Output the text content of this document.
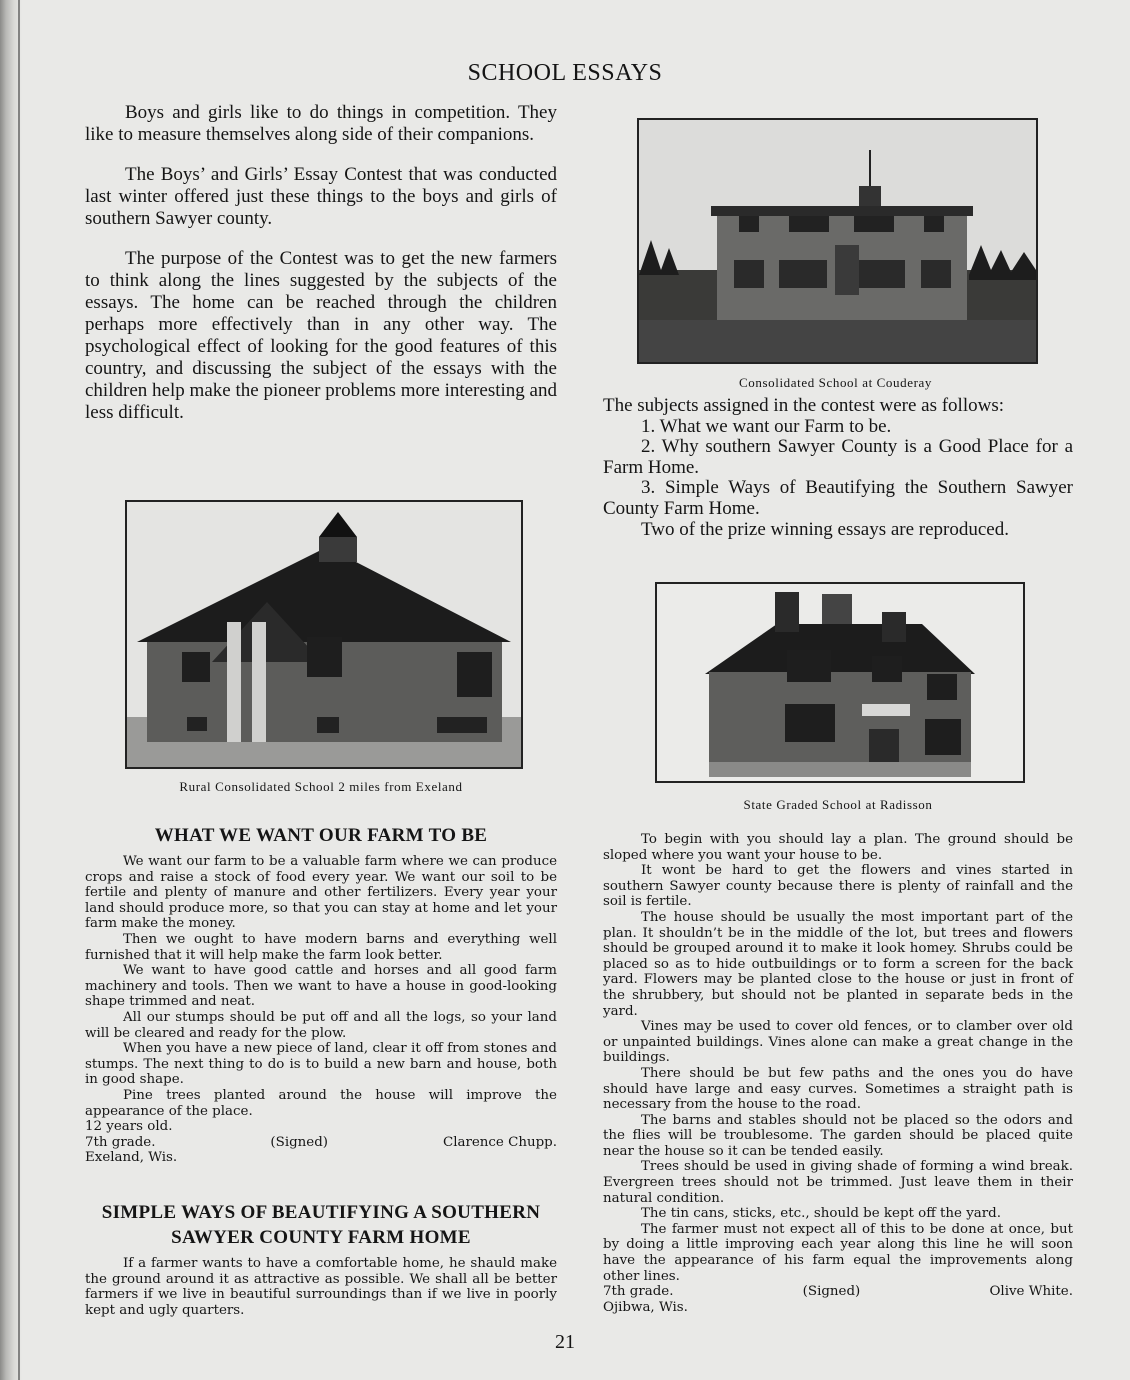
SCHOOL ESSAYS

Boys and girls like to do things in competition. They like to measure themselves along side of their companions.

The Boys’ and Girls’ Essay Contest that was conducted last winter offered just these things to the boys and girls of southern Sawyer county.

The purpose of the Contest was to get the new farmers to think along the lines suggested by the subjects of the essays. The home can be reached through the children perhaps more effectively than in any other way. The psychological effect of looking for the good features of this country, and discussing the subject of the essays with the children help make the pioneer problems more interesting and less difficult.

Consolidated School at Couderay
The subjects assigned in the contest were as follows:
1. What we want our Farm to be.
2. Why southern Sawyer County is a Good Place for a Farm Home.
3. Simple Ways of Beautifying the Southern Sawyer County Farm Home.
Two of the prize winning essays are reproduced.
Rural Consolidated School 2 miles from Exeland
State Graded School at Radisson
WHAT WE WANT OUR FARM TO BE

We want our farm to be a valuable farm where we can produce crops and raise a stock of food every year. We want our soil to be fertile and plenty of manure and other fertilizers. Every year your land should produce more, so that you can stay at home and let your farm make the money.

Then we ought to have modern barns and everything well furnished that it will help make the farm look better.

We want to have good cattle and horses and all good farm machinery and tools. Then we want to have a house in good-looking shape trimmed and neat.

All our stumps should be put off and all the logs, so your land will be cleared and ready for the plow.

When you have a new piece of land, clear it off from stones and stumps. The next thing to do is to build a new barn and house, both in good shape.

Pine trees planted around the house will improve the appearance of the place.

12 years old.
7th grade.	(Signed)	Clarence Chupp.
Exeland, Wis.
SIMPLE WAYS OF BEAUTIFYING A SOUTHERN SAWYER COUNTY FARM HOME

If a farmer wants to have a comfortable home, he shauld make the ground around it as attractive as possible. We shall all be better farmers if we live in beautiful surroundings than if we live in poorly kept and ugly quarters.

To begin with you should lay a plan. The ground should be sloped where you want your house to be.

It wont be hard to get the flowers and vines started in southern Sawyer county because there is plenty of rainfall and the soil is fertile.

The house should be usually the most important part of the plan. It shouldn’t be in the middle of the lot, but trees and flowers should be grouped around it to make it look homey. Shrubs could be placed so as to hide outbuildings or to form a screen for the back yard. Flowers may be planted close to the house or just in front of the shrubbery, but should not be planted in separate beds in the yard.

Vines may be used to cover old fences, or to clamber over old or unpainted buildings. Vines alone can make a great change in the buildings.

There should be but few paths and the ones you do have should have large and easy curves. Sometimes a straight path is necessary from the house to the road.

The barns and stables should not be placed so the odors and the flies will be troublesome. The garden should be placed quite near the house so it can be tended easily.

Trees should be used in giving shade of forming a wind break. Evergreen trees should not be trimmed. Just leave them in their natural condition.

The tin cans, sticks, etc., should be kept off the yard.

The farmer must not expect all of this to be done at once, but by doing a little improving each year along this line he will soon have the appearance of his farm equal the improvements along other lines.

7th grade.	(Signed)	Olive White.
Ojibwa, Wis.
21
